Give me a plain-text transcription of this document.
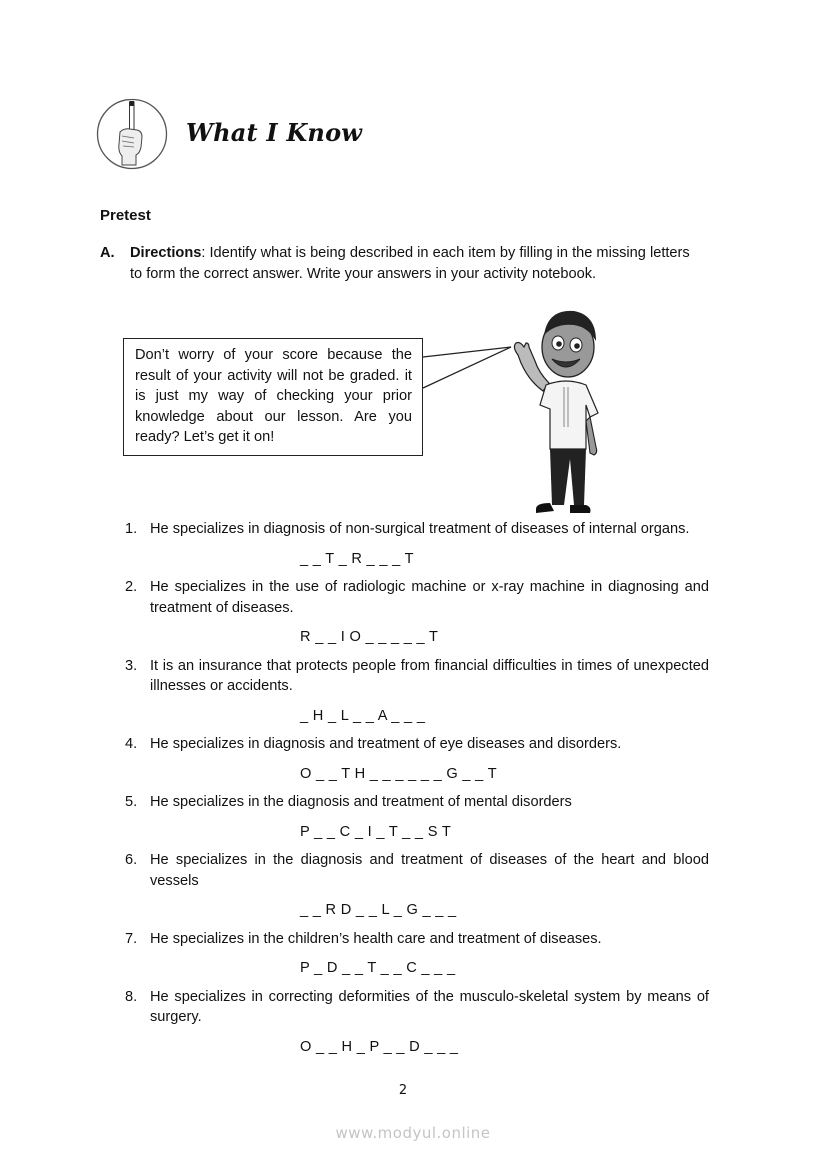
What I Know
Pretest
A. Directions: Identify what is being described in each item by filling in the missing letters to form the correct answer. Write your answers in your activity notebook.
Don’t worry of your score because the result of your activity will not be graded. it is just my way of checking your prior knowledge about our lesson. Are you ready? Let’s get it on!
1. He specializes in diagnosis of non-surgical treatment of diseases of internal organs.
_ _ T _ R _ _ _ T
2. He specializes in the use of radiologic machine or x-ray machine in diagnosing and treatment of diseases.
R _ _ I O _ _ _ _ _ T
3. It is an insurance that protects people from financial difficulties in times of unexpected illnesses or accidents.
_ H _ L _ _ A _ _ _
4. He specializes in diagnosis and treatment of eye diseases and disorders.
O _ _ T H _ _ _ _ _ _ G _ _ T
5. He specializes in the diagnosis and treatment of mental disorders
P _ _ C _ I _ T _ _ S T
6. He specializes in the diagnosis and treatment of diseases of the heart and blood vessels
_ _ R D _ _ L _ G _ _ _
7. He specializes in the children’s health care and treatment of diseases.
P _ D _ _ T _ _ C _ _ _
8. He specializes in correcting deformities of the musculo-skeletal system by means of surgery.
O _ _ H _ P _ _ D _ _ _
2
www.modyul.online
